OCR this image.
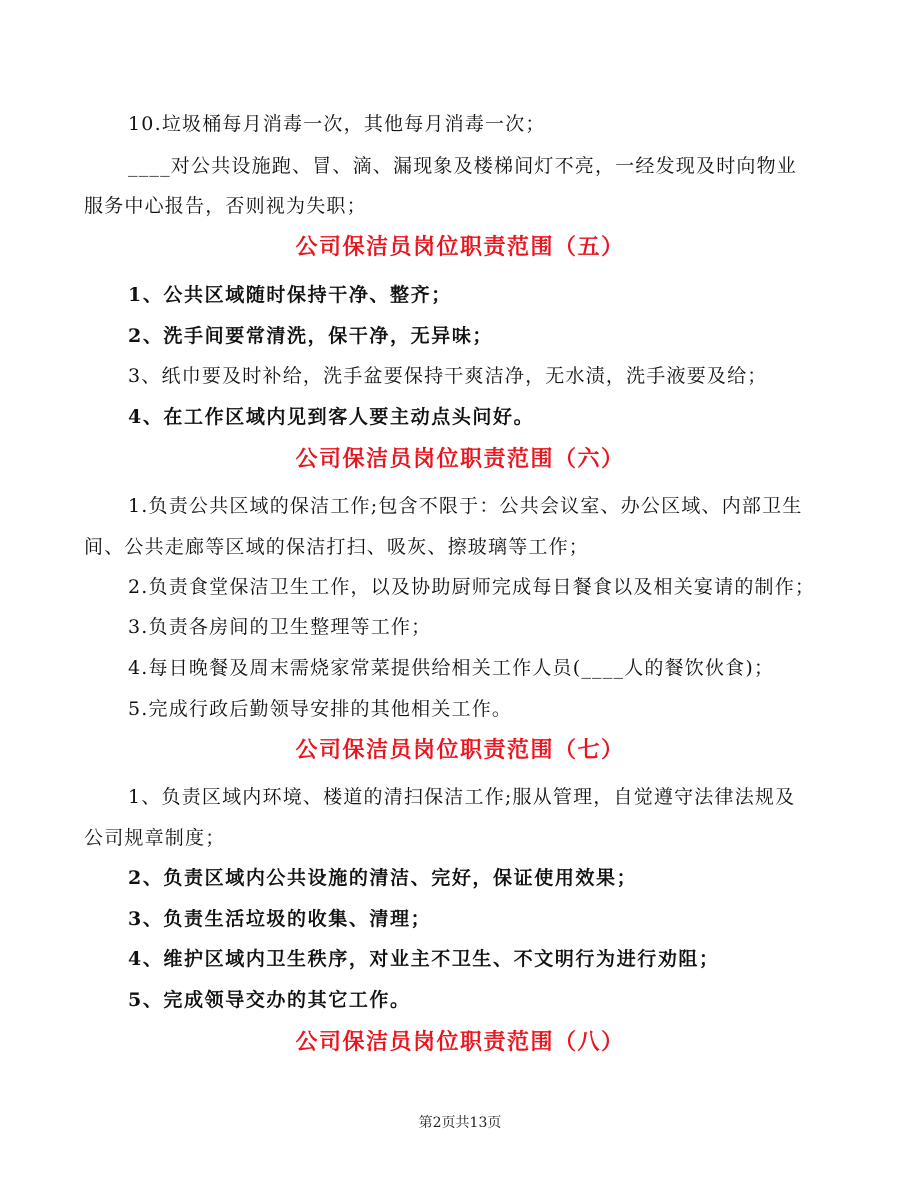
10.垃圾桶每月消毒一次，其他每月消毒一次；
____对公共设施跑、冒、滴、漏现象及楼梯间灯不亮，一经发现及时向物业
服务中心报告，否则视为失职；
公司保洁员岗位职责范围（五）
1、公共区域随时保持干净、整齐；
2、洗手间要常清洗，保干净，无异味；
3、纸巾要及时补给，洗手盆要保持干爽洁净，无水渍，洗手液要及给；
4、在工作区域内见到客人要主动点头问好。
公司保洁员岗位职责范围（六）
1.负责公共区域的保洁工作;包含不限于：公共会议室、办公区域、内部卫生
间、公共走廊等区域的保洁打扫、吸灰、擦玻璃等工作；
2.负责食堂保洁卫生工作，以及协助厨师完成每日餐食以及相关宴请的制作；
3.负责各房间的卫生整理等工作；
4.每日晚餐及周末需烧家常菜提供给相关工作人员(____人的餐饮伙食)；
5.完成行政后勤领导安排的其他相关工作。
公司保洁员岗位职责范围（七）
1、负责区域内环境、楼道的清扫保洁工作;服从管理，自觉遵守法律法规及
公司规章制度；
2、负责区域内公共设施的清洁、完好，保证使用效果；
3、负责生活垃圾的收集、清理；
4、维护区域内卫生秩序，对业主不卫生、不文明行为进行劝阻；
5、完成领导交办的其它工作。
公司保洁员岗位职责范围（八）
第2页共13页
